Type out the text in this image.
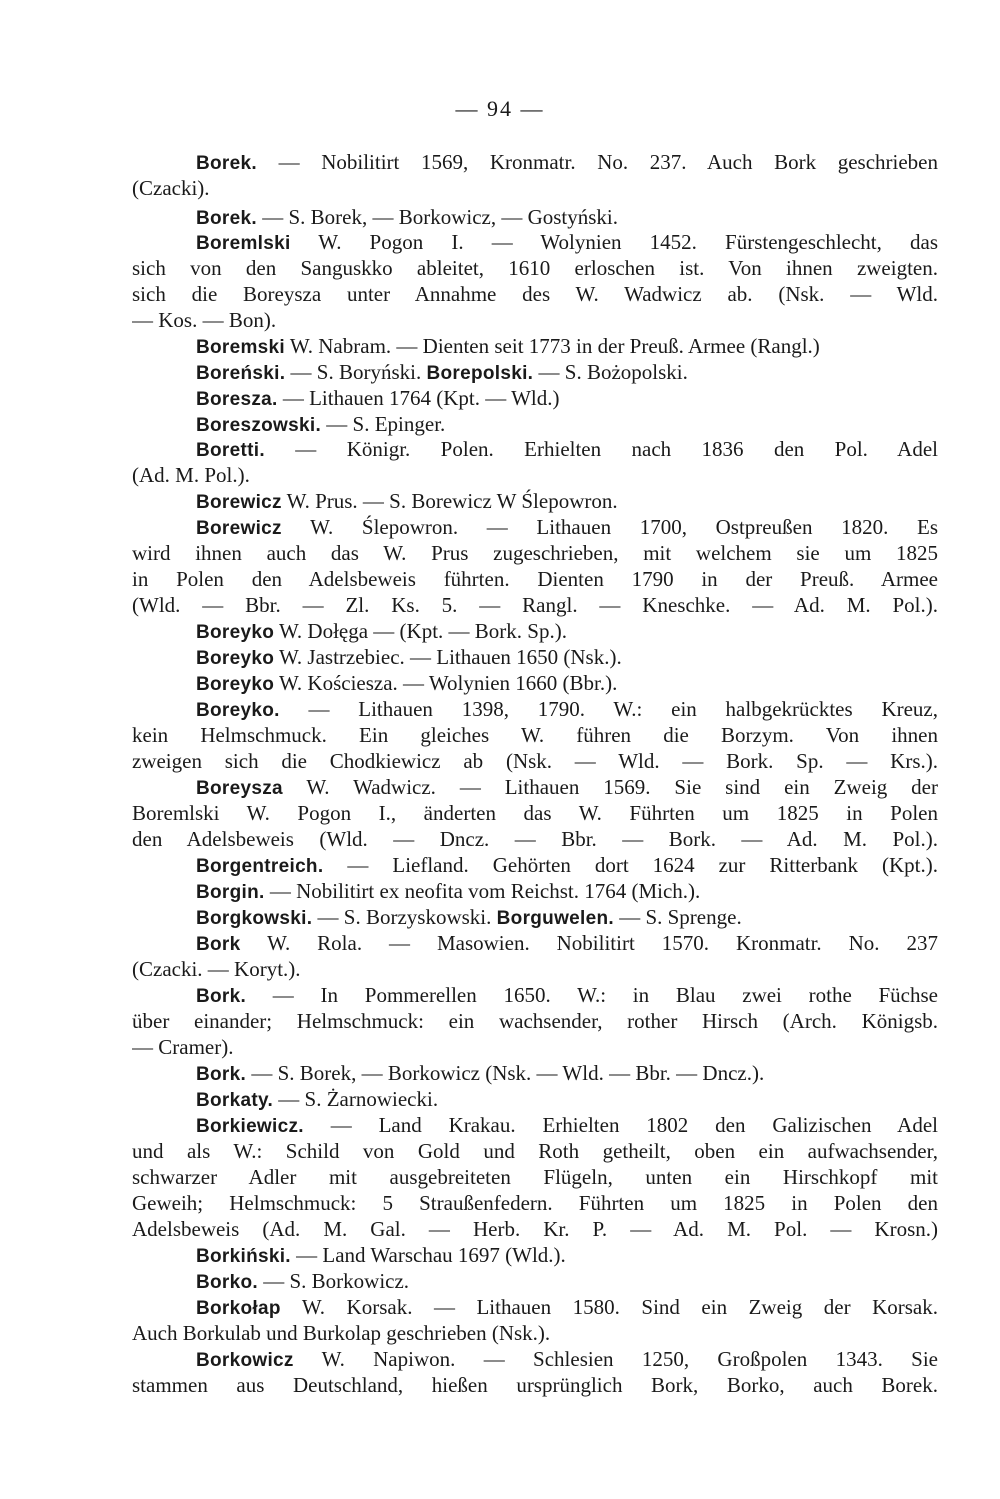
— 94 —
Borek. — Nobilitirt 1569, Kronmatr. No. 237. Auch Bork geschrieben
(Czacki).
Borek. — S. Borek, — Borkowicz, — Gostyński.
Boremlski W. Pogon I. — Wolynien 1452. Fürstengeschlecht, das
sich von den Sanguskko ableitet, 1610 erloschen ist. Von ihnen zweigten.
sich die Boreysza unter Annahme des W. Wadwicz ab. (Nsk. — Wld.
— Kos. — Bon).
Boremski W. Nabram. — Dienten seit 1773 in der Preuß. Armee (Rangl.)
Boreński. — S. Boryński. Borepolski. — S. Bożopolski.
Boresza. — Lithauen 1764 (Kpt. — Wld.)
Boreszowski. — S. Epinger.
Boretti. — Königr. Polen. Erhielten nach 1836 den Pol. Adel
(Ad. M. Pol.).
Borewicz W. Prus. — S. Borewicz W Ślepowron.
Borewicz W. Ślepowron. — Lithauen 1700, Ostpreußen 1820. Es
wird ihnen auch das W. Prus zugeschrieben, mit welchem sie um 1825
in Polen den Adelsbeweis führten. Dienten 1790 in der Preuß. Armee
(Wld. — Bbr. — Zl. Ks. 5. — Rangl. — Kneschke. — Ad. M. Pol.).
Boreyko W. Dołęga — (Kpt. — Bork. Sp.).
Boreyko W. Jastrzebiec. — Lithauen 1650 (Nsk.).
Boreyko W. Kościesza. — Wolynien 1660 (Bbr.).
Boreyko. — Lithauen 1398, 1790. W.: ein halbgekrücktes Kreuz,
kein Helmschmuck. Ein gleiches W. führen die Borzym. Von ihnen
zweigen sich die Chodkiewicz ab (Nsk. — Wld. — Bork. Sp. — Krs.).
Boreysza W. Wadwicz. — Lithauen 1569. Sie sind ein Zweig der
Boremlski W. Pogon I., änderten das W. Führten um 1825 in Polen
den Adelsbeweis (Wld. — Dncz. — Bbr. — Bork. — Ad. M. Pol.).
Borgentreich. — Liefland. Gehörten dort 1624 zur Ritterbank (Kpt.).
Borgin. — Nobilitirt ex neofita vom Reichst. 1764 (Mich.).
Borgkowski. — S. Borzyskowski. Borguwelen. — S. Sprenge.
Bork W. Rola. — Masowien. Nobilitirt 1570. Kronmatr. No. 237
(Czacki. — Koryt.).
Bork. — In Pommerellen 1650. W.: in Blau zwei rothe Füchse
über einander; Helmschmuck: ein wachsender, rother Hirsch (Arch. Königsb.
— Cramer).
Bork. — S. Borek, — Borkowicz (Nsk. — Wld. — Bbr. — Dncz.).
Borkaty. — S. Żarnowiecki.
Borkiewicz. — Land Krakau. Erhielten 1802 den Galizischen Adel
und als W.: Schild von Gold und Roth getheilt, oben ein aufwachsender,
schwarzer Adler mit ausgebreiteten Flügeln, unten ein Hirschkopf mit
Geweih; Helmschmuck: 5 Straußenfedern. Führten um 1825 in Polen den
Adelsbeweis (Ad. M. Gal. — Herb. Kr. P. — Ad. M. Pol. — Krosn.)
Borkiński. — Land Warschau 1697 (Wld.).
Borko. — S. Borkowicz.
Borkołap W. Korsak. — Lithauen 1580. Sind ein Zweig der Korsak.
Auch Borkulab und Burkolap geschrieben (Nsk.).
Borkowicz W. Napiwon. — Schlesien 1250, Großpolen 1343. Sie
stammen aus Deutschland, hießen ursprünglich Bork, Borko, auch Borek.
